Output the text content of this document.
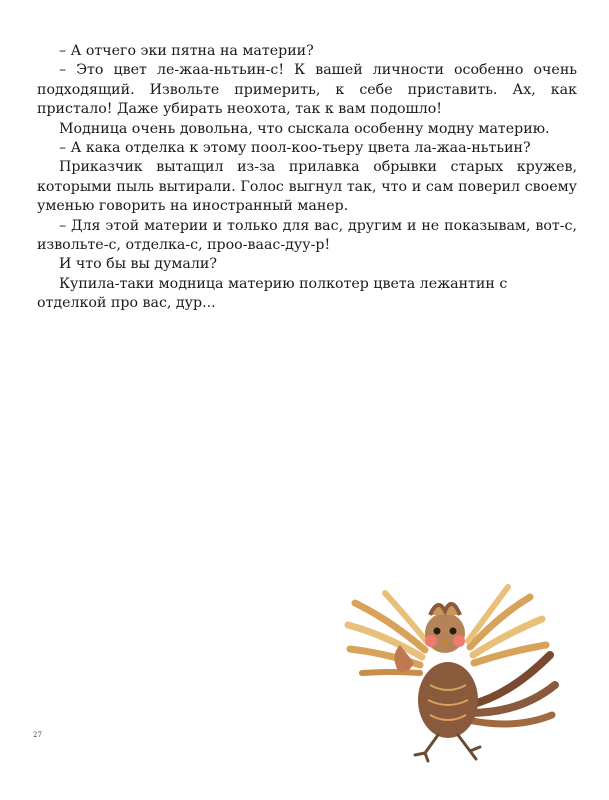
– А отчего эки пятна на материи?

– Это цвет ле-жаа-ньтьин-с! К вашей личности особенно очень подходящий. Извольте примерить, к себе приставить. Ах, как пристало! Даже убирать неохота, так к вам подошло!

Модница очень довольна, что сыскала особенну модну материю.

– А кака отделка к этому поол-коо-тьеру цвета ла-жаа-ньтьин?

Приказчик вытащил из-за прилавка обрывки старых кружев, которыми пыль вытирали. Голос выгнул так, что и сам поверил своему уменью говорить на иностранный манер.

– Для этой материи и только для вас, другим и не показывам, вот-с, извольте-с, отделка-с, проо-ваас-дуу-р!

И что бы вы думали?

Купила-таки модница материю полкотер цвета лежантин с отделкой про вас, дур...

27
